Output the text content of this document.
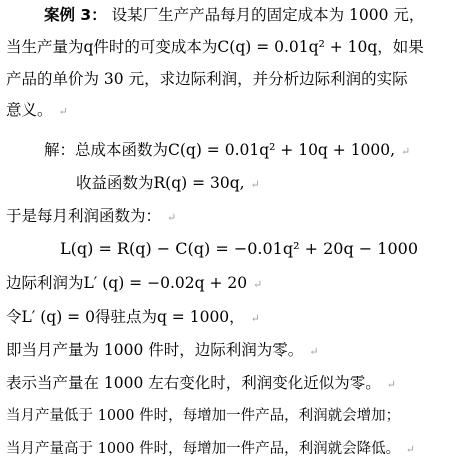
案例 3： 设某厂生产产品每月的固定成本为 1000 元，
当生产量为q件时的可变成本为C(q) = 0.01q² + 10q，如果
产品的单价为 30 元，求边际利润，并分析边际利润的实际
意义。 ↵
解：总成本函数为C(q) = 0.01q² + 10q + 1000, ↵
收益函数为R(q) = 30q, ↵
于是每月利润函数为： ↵
L(q) = R(q) − C(q) = −0.01q² + 20q − 1000
边际利润为L′ (q) = −0.02q + 20 ↵
令L′ (q) = 0得驻点为q = 1000， ↵
即当月产量为 1000 件时，边际利润为零。 ↵
表示当产量在 1000 左右变化时，利润变化近似为零。 ↵
当月产量低于 1000 件时，每增加一件产品，利润就会增加；
当月产量高于 1000 件时，每增加一件产品，利润就会降低。 ↵
